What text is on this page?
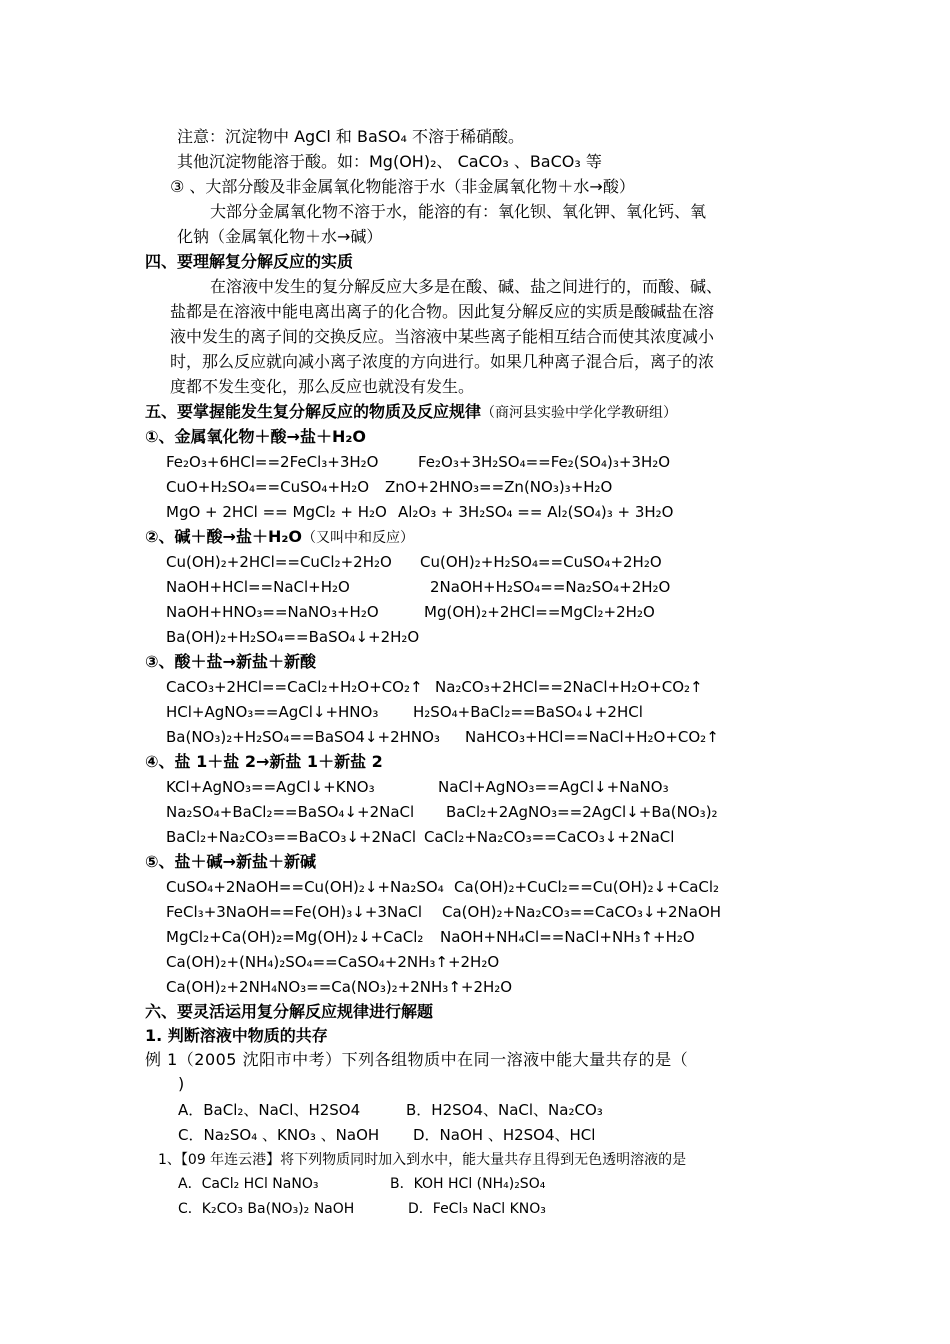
注意：沉淀物中 AgCl 和 BaSO₄ 不溶于稀硝酸。
其他沉淀物能溶于酸。如：Mg(OH)₂、 CaCO₃ 、BaCO₃ 等
③ 、大部分酸及非金属氧化物能溶于水（非金属氧化物＋水→酸）
大部分金属氧化物不溶于水，能溶的有：氧化钡、氧化钾、氧化钙、氧
化钠（金属氧化物＋水→碱）
四、要理解复分解反应的实质
在溶液中发生的复分解反应大多是在酸、碱、盐之间进行的，而酸、碱、
盐都是在溶液中能电离出离子的化合物。因此复分解反应的实质是酸碱盐在溶
液中发生的离子间的交换反应。当溶液中某些离子能相互结合而使其浓度减小
时，那么反应就向减小离子浓度的方向进行。如果几种离子混合后，离子的浓
度都不发生变化，那么反应也就没有发生。
五、要掌握能发生复分解反应的物质及反应规律（商河县实验中学化学教研组）
①、金属氧化物＋酸→盐＋H₂O
Fe₂O₃+6HCl==2FeCl₃+3H₂O	Fe₂O₃+3H₂SO₄==Fe₂(SO₄)₃+3H₂O
CuO+H₂SO₄==CuSO₄+H₂O ZnO+2HNO₃==Zn(NO₃)₃+H₂O
MgO + 2HCl == MgCl₂ + H₂O Al₂O₃ + 3H₂SO₄ == Al₂(SO₄)₃ + 3H₂O
②、碱＋酸→盐＋H₂O（又叫中和反应）
Cu(OH)₂+2HCl==CuCl₂+2H₂O Cu(OH)₂+H₂SO₄==CuSO₄+2H₂O
NaOH+HCl==NaCl+H₂O	2NaOH+H₂SO₄==Na₂SO₄+2H₂O
NaOH+HNO₃==NaNO₃+H₂O	Mg(OH)₂+2HCl==MgCl₂+2H₂O
Ba(OH)₂+H₂SO₄==BaSO₄↓+2H₂O
③、酸＋盐→新盐＋新酸
CaCO₃+2HCl==CaCl₂+H₂O+CO₂↑ Na₂CO₃+2HCl==2NaCl+H₂O+CO₂↑
HCl+AgNO₃==AgCl↓+HNO₃ H₂SO₄+BaCl₂==BaSO₄↓+2HCl
Ba(NO₃)₂+H₂SO₄==BaSO4↓+2HNO₃ NaHCO₃+HCl==NaCl+H₂O+CO₂↑
④、盐 1＋盐 2→新盐 1＋新盐 2
KCl+AgNO₃==AgCl↓+KNO₃	NaCl+AgNO₃==AgCl↓+NaNO₃
Na₂SO₄+BaCl₂==BaSO₄↓+2NaCl BaCl₂+2AgNO₃==2AgCl↓+Ba(NO₃)₂
BaCl₂+Na₂CO₃==BaCO₃↓+2NaCl CaCl₂+Na₂CO₃==CaCO₃↓+2NaCl
⑤、盐＋碱→新盐＋新碱
CuSO₄+2NaOH==Cu(OH)₂↓+Na₂SO₄ Ca(OH)₂+CuCl₂==Cu(OH)₂↓+CaCl₂
FeCl₃+3NaOH==Fe(OH)₃↓+3NaCl Ca(OH)₂+Na₂CO₃==CaCO₃↓+2NaOH
MgCl₂+Ca(OH)₂=Mg(OH)₂↓+CaCl₂ NaOH+NH₄Cl==NaCl+NH₃↑+H₂O
Ca(OH)₂+(NH₄)₂SO₄==CaSO₄+2NH₃↑+2H₂O
Ca(OH)₂+2NH₄NO₃==Ca(NO₃)₂+2NH₃↑+2H₂O
六、要灵活运用复分解反应规律进行解题
1. 判断溶液中物质的共存
例 1（2005 沈阳市中考）下列各组物质中在同一溶液中能大量共存的是（
)
A．BaCl₂、NaCl、H2SO4	B．H2SO4、NaCl、Na₂CO₃
C．Na₂SO₄ 、KNO₃ 、NaOH D．NaOH 、H2SO4、HCl
1、【09 年连云港】将下列物质同时加入到水中，能大量共存且得到无色透明溶液的是
A．CaCl₂ HCl NaNO₃	B．KOH HCl (NH₄)₂SO₄
C．K₂CO₃ Ba(NO₃)₂ NaOH	D．FeCl₃ NaCl KNO₃
